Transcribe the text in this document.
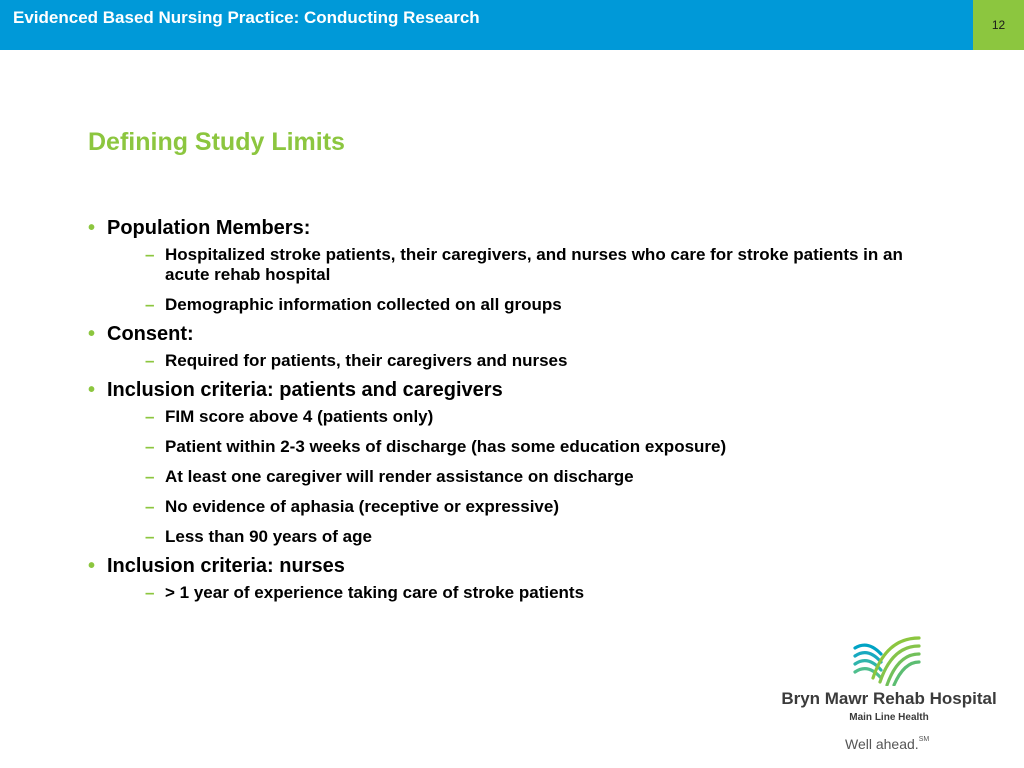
Evidenced Based Nursing Practice: Conducting Research	12
Defining Study Limits
• Population Members:
– Hospitalized stroke patients, their caregivers, and nurses who care for stroke patients in an acute rehab hospital
– Demographic information collected on all groups
• Consent:
– Required for patients, their caregivers and nurses
• Inclusion criteria: patients and caregivers
– FIM score above 4 (patients only)
– Patient within 2-3 weeks of discharge (has some education exposure)
– At least one caregiver will render assistance on discharge
– No evidence of aphasia (receptive or expressive)
– Less than 90 years of age
• Inclusion criteria: nurses
– > 1 year of experience taking care of stroke patients
Bryn Mawr Rehab Hospital
Main Line Health
Well ahead.℠
